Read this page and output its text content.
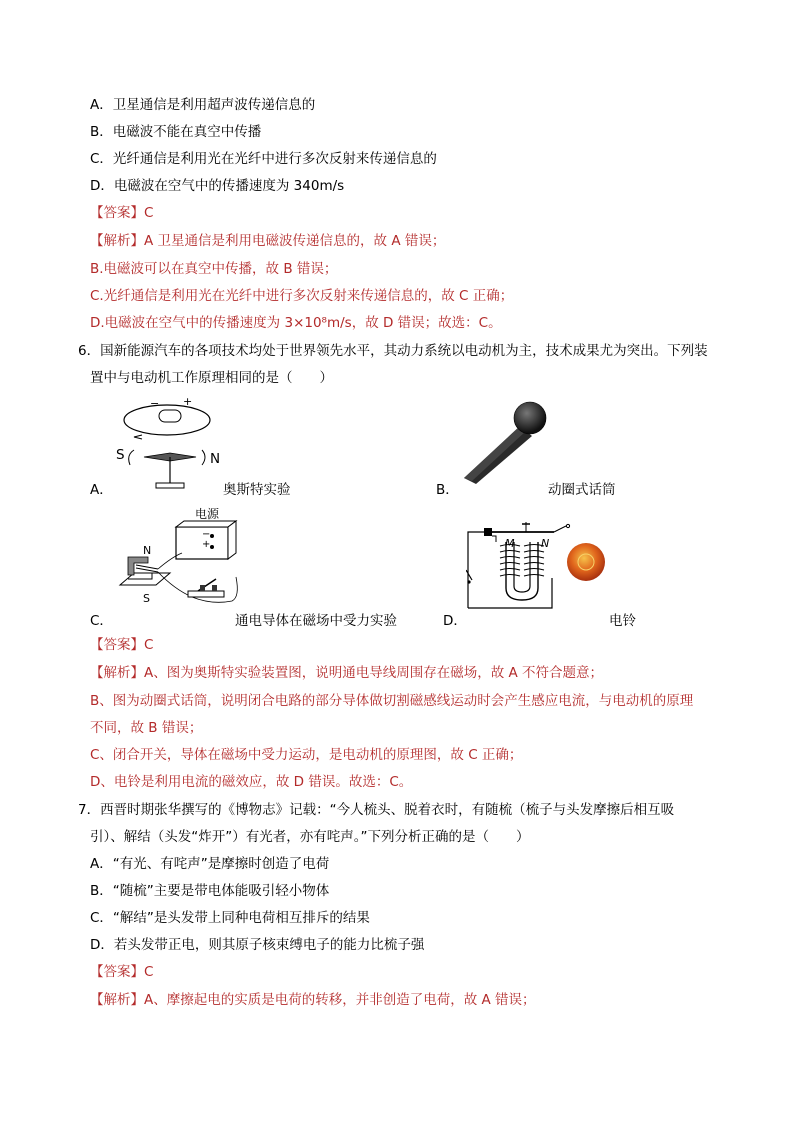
A．卫星通信是利用超声波传递信息的
B．电磁波不能在真空中传播
C．光纤通信是利用光在光纤中进行多次反射来传递信息的
D．电磁波在空气中的传播速度为 340m/s
【答案】C
【解析】A 卫星通信是利用电磁波传递信息的，故 A 错误；
B.电磁波可以在真空中传播，故 B 错误；
C.光纤通信是利用光在光纤中进行多次反射来传递信息的，故 C 正确；
D.电磁波在空气中的传播速度为 3×10⁸m/s，故 D 错误；故选：C。
6．国新能源汽车的各项技术均处于世界领先水平，其动力系统以电动机为主，技术成果尤为突出。下列装
置中与电动机工作原理相同的是（　　）
− +
S	N
A．	奥斯特实验	B．	动圈式话筒
电源
−
+
N
S
C．	通电导体在磁场中受力实验
M N
D．	电铃
【答案】C
【解析】A、图为奥斯特实验装置图，说明通电导线周围存在磁场，故 A 不符合题意；
B、图为动圈式话筒，说明闭合电路的部分导体做切割磁感线运动时会产生感应电流，与电动机的原理
不同，故 B 错误；
C、闭合开关，导体在磁场中受力运动，是电动机的原理图，故 C 正确；
D、电铃是利用电流的磁效应，故 D 错误。故选：C。
7．西晋时期张华撰写的《博物志》记载：“今人梳头、脱着衣时，有随梳（梳子与头发摩擦后相互吸
引）、解结（头发“炸开”）有光者，亦有咤声。”下列分析正确的是（　　）
A．“有光、有咤声”是摩擦时创造了电荷
B．“随梳”主要是带电体能吸引轻小物体
C．“解结”是头发带上同种电荷相互排斥的结果
D．若头发带正电，则其原子核束缚电子的能力比梳子强
【答案】C
【解析】A、摩擦起电的实质是电荷的转移，并非创造了电荷，故 A 错误；
